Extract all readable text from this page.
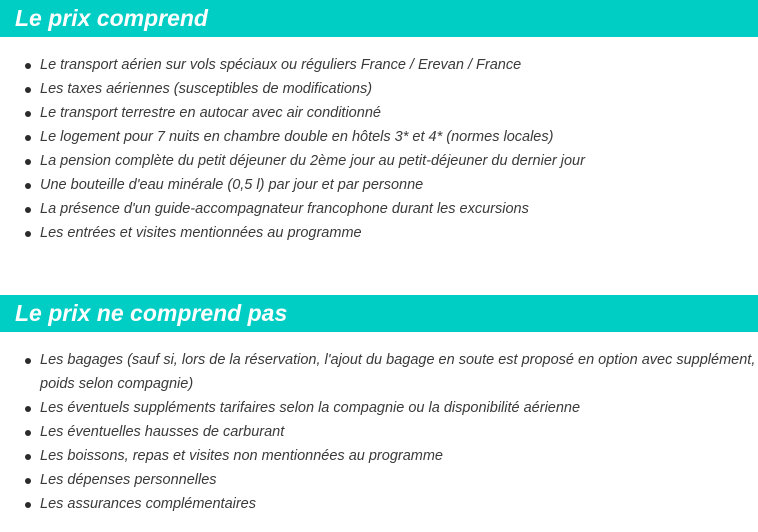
Le prix comprend
Le transport aérien sur vols spéciaux ou réguliers France / Erevan / France
Les taxes aériennes (susceptibles de modifications)
Le transport terrestre en autocar avec air conditionné
Le logement pour 7 nuits en chambre double en hôtels 3* et 4* (normes locales)
La pension complète du petit déjeuner du 2ème jour au petit-déjeuner du dernier jour
Une bouteille d'eau minérale (0,5 l) par jour et par personne
La présence d'un guide-accompagnateur francophone durant les excursions
Les entrées et visites mentionnées au programme
Le prix ne comprend pas
Les bagages (sauf si, lors de la réservation, l'ajout du bagage en soute est proposé en option avec supplément, poids selon compagnie)
Les éventuels suppléments tarifaires selon la compagnie ou la disponibilité aérienne
Les éventuelles hausses de carburant
Les boissons, repas et visites non mentionnées au programme
Les dépenses personnelles
Les assurances complémentaires
